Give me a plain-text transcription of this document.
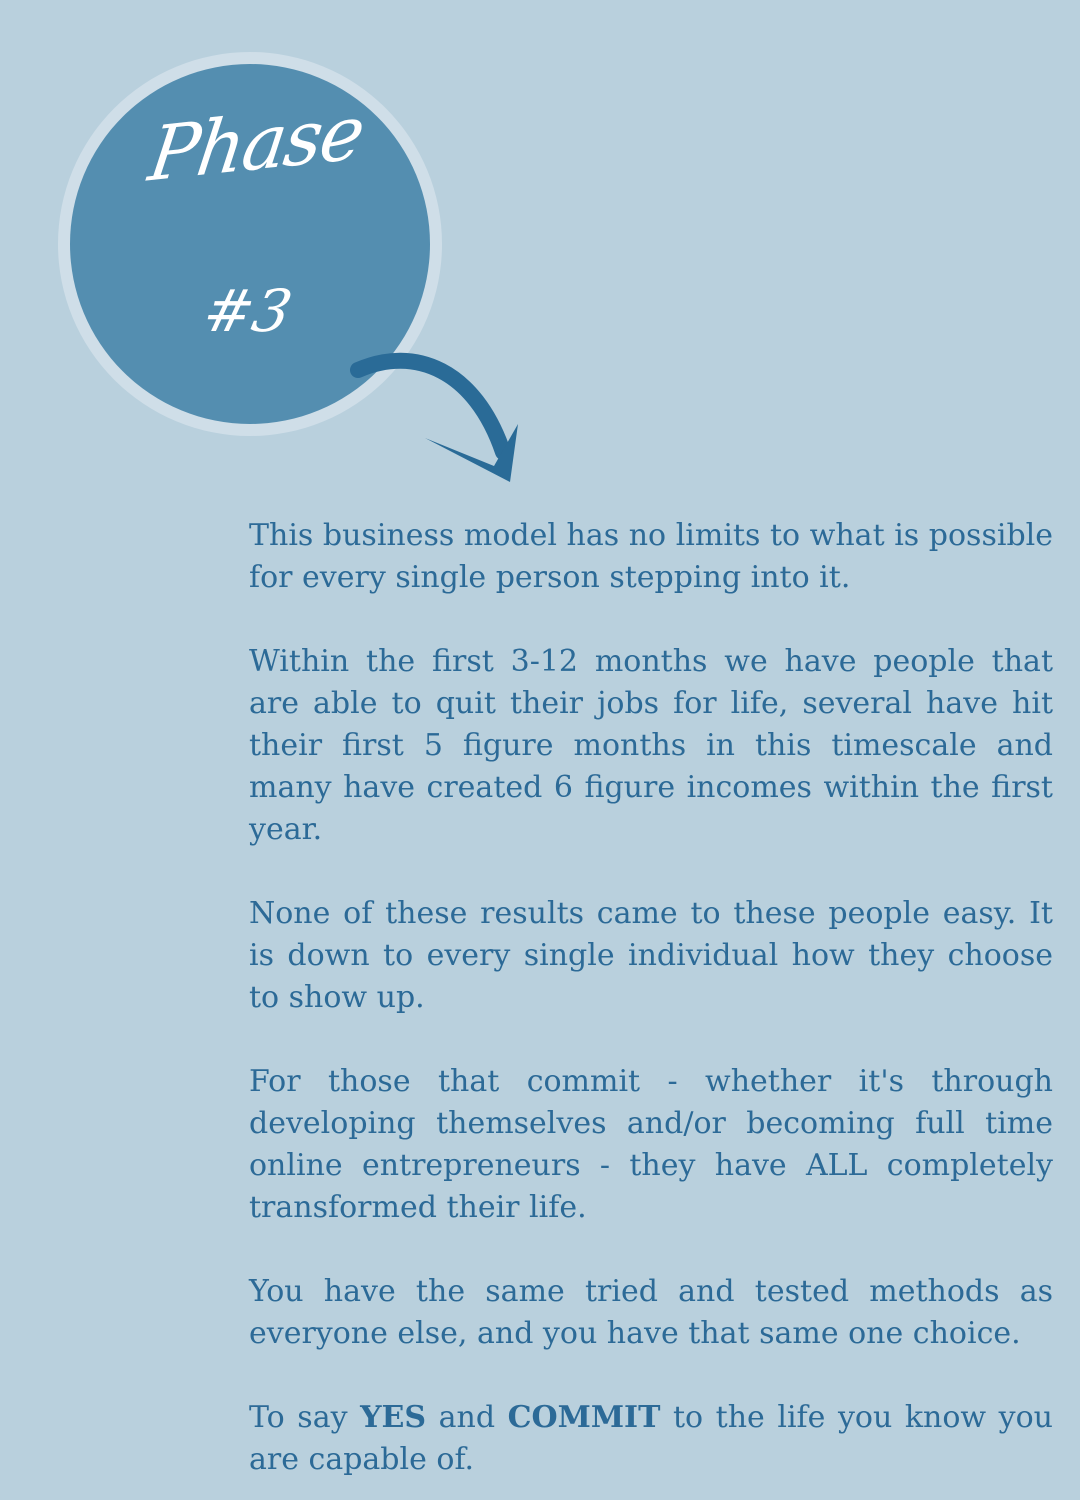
Phase
#3

This business model has no limits to what is possible for every single person stepping into it.

Within the first 3-12 months we have people that are able to quit their jobs for life, several have hit their first 5 figure months in this timescale and many have created 6 figure incomes within the first year.

None of these results came to these people easy. It is down to every single individual how they choose to show up.

For those that commit - whether it's through developing themselves and/or becoming full time online entrepreneurs - they have ALL completely transformed their life.

You have the same tried and tested methods as everyone else, and you have that same one choice.

To say YES and COMMIT to the life you know you are capable of.
